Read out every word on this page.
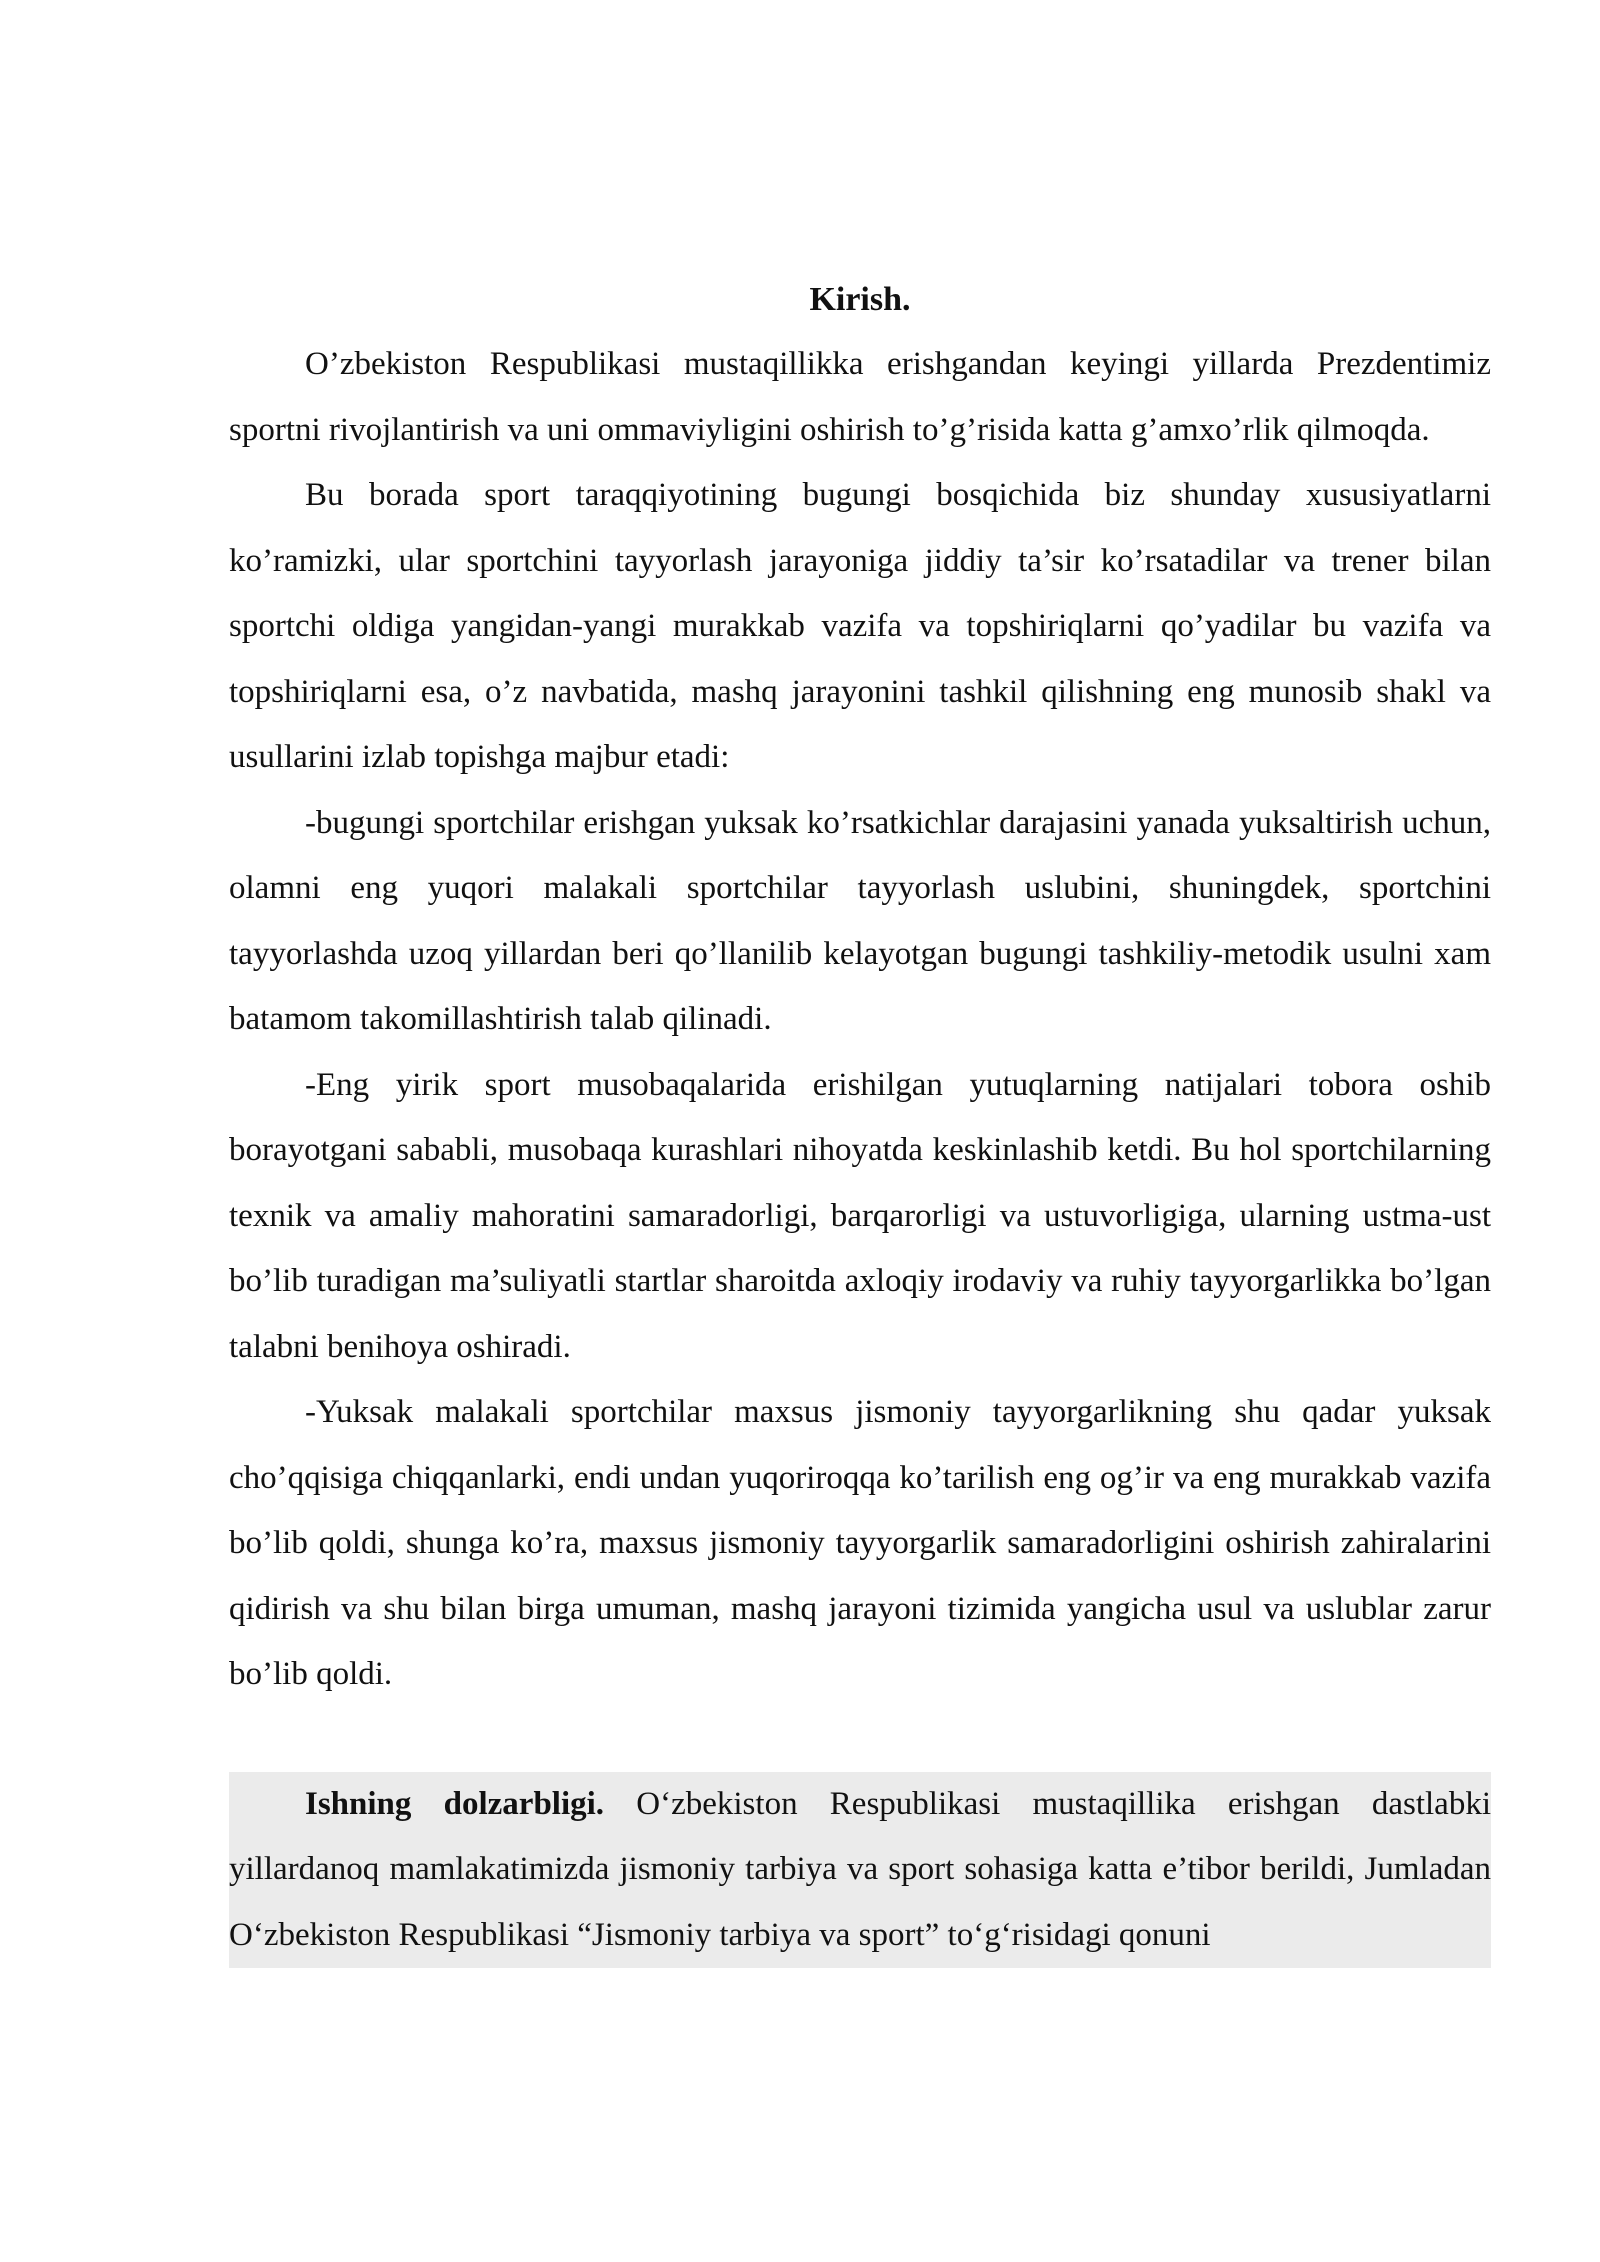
Kirish.

O’zbekiston Respublikasi mustaqillikka erishgandan keyingi yillarda Prezdentimiz sportni rivojlantirish va uni ommaviyligini oshirish to’g’risida katta g’amxo’rlik qilmoqda.

Bu borada sport taraqqiyotining bugungi bosqichida biz shunday xususiyatlarni ko’ramizki, ular sportchini tayyorlash jarayoniga jiddiy ta’sir ko’rsatadilar va trener bilan sportchi oldiga yangidan-yangi murakkab vazifa va topshiriqlarni qo’yadilar bu vazifa va topshiriqlarni esa, o’z navbatida, mashq jarayonini tashkil qilishning eng munosib shakl va usullarini izlab topishga majbur etadi:

-bugungi sportchilar erishgan yuksak ko’rsatkichlar darajasini yanada yuksaltirish uchun, olamni eng yuqori malakali sportchilar tayyorlash uslubini, shuningdek, sportchini tayyorlashda uzoq yillardan beri qo’llanilib kelayotgan bugungi tashkiliy-metodik usulni xam batamom takomillashtirish talab qilinadi.

-Eng yirik sport musobaqalarida erishilgan yutuqlarning natijalari tobora oshib borayotgani sababli, musobaqa kurashlari nihoyatda keskinlashib ketdi. Bu hol sportchilarning texnik va amaliy mahoratini samaradorligi, barqarorligi va ustuvorligiga, ularning ustma-ust bo’lib turadigan ma’suliyatli startlar sharoitda axloqiy irodaviy va ruhiy tayyorgarlikka bo’lgan talabni benihoya oshiradi.

-Yuksak malakali sportchilar maxsus jismoniy tayyorgarlikning shu qadar yuksak cho’qqisiga chiqqanlarki, endi undan yuqoriroqqa ko’tarilish eng og’ir va eng murakkab vazifa bo’lib qoldi, shunga ko’ra, maxsus jismoniy tayyorgarlik samaradorligini oshirish zahiralarini qidirish va shu bilan birga umuman, mashq jarayoni tizimida yangicha usul va uslublar zarur bo’lib qoldi.

Ishning dolzarbligi. O‘zbekiston Respublikasi mustaqillika erishgan dastlabki yillardanoq mamlakatimizda jismoniy tarbiya va sport sohasiga katta e’tibor berildi, Jumladan O‘zbekiston Respublikasi “Jismoniy tarbiya va sport” to‘g‘risidagi qonuni
